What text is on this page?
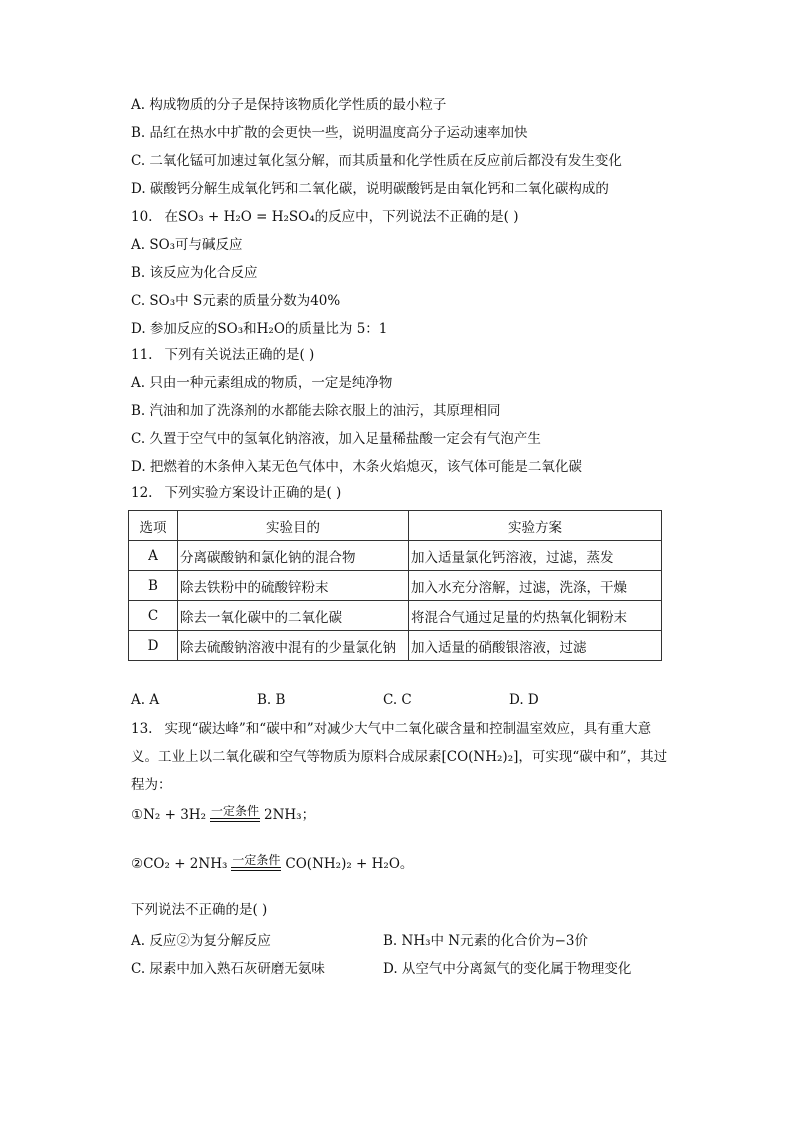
A. 构成物质的分子是保持该物质化学性质的最小粒子
B. 品红在热水中扩散的会更快一些，说明温度高分子运动速率加快
C. 二氧化锰可加速过氧化氢分解，而其质量和化学性质在反应前后都没有发生变化
D. 碳酸钙分解生成氧化钙和二氧化碳，说明碳酸钙是由氧化钙和二氧化碳构成的
10. 在SO₃ + H₂O = H₂SO₄的反应中，下列说法不正确的是( )
A. SO₃可与碱反应
B. 该反应为化合反应
C. SO₃中 S元素的质量分数为40%
D. 参加反应的SO₃和H₂O的质量比为 5：1
11. 下列有关说法正确的是( )
A. 只由一种元素组成的物质，一定是纯净物
B. 汽油和加了洗涤剂的水都能去除衣服上的油污，其原理相同
C. 久置于空气中的氢氧化钠溶液，加入足量稀盐酸一定会有气泡产生
D. 把燃着的木条伸入某无色气体中，木条火焰熄灭，该气体可能是二氧化碳
12. 下列实验方案设计正确的是( )
选项	实验目的	实验方案
A	分离碳酸钠和氯化钠的混合物	加入适量氯化钙溶液，过滤，蒸发
B	除去铁粉中的硫酸锌粉末	加入水充分溶解，过滤，洗涤，干燥
C	除去一氧化碳中的二氧化碳	将混合气通过足量的灼热氧化铜粉末
D	除去硫酸钠溶液中混有的少量氯化钠	加入适量的硝酸银溶液，过滤
A. A	B. B	C. C	D. D
13. 实现“碳达峰”和“碳中和”对减少大气中二氧化碳含量和控制温室效应，具有重大意
义。工业上以二氧化碳和空气等物质为原料合成尿素[CO(NH₂)₂]，可实现“碳中和”，其过
程为：
①N₂ + 3H₂ 一定条件 2NH₃；
②CO₂ + 2NH₃ 一定条件 CO(NH₂)₂ + H₂O。
下列说法不正确的是( )
A. 反应②为复分解反应	B. NH₃中 N元素的化合价为−3价
C. 尿素中加入熟石灰研磨无氨味	D. 从空气中分离氮气的变化属于物理变化
